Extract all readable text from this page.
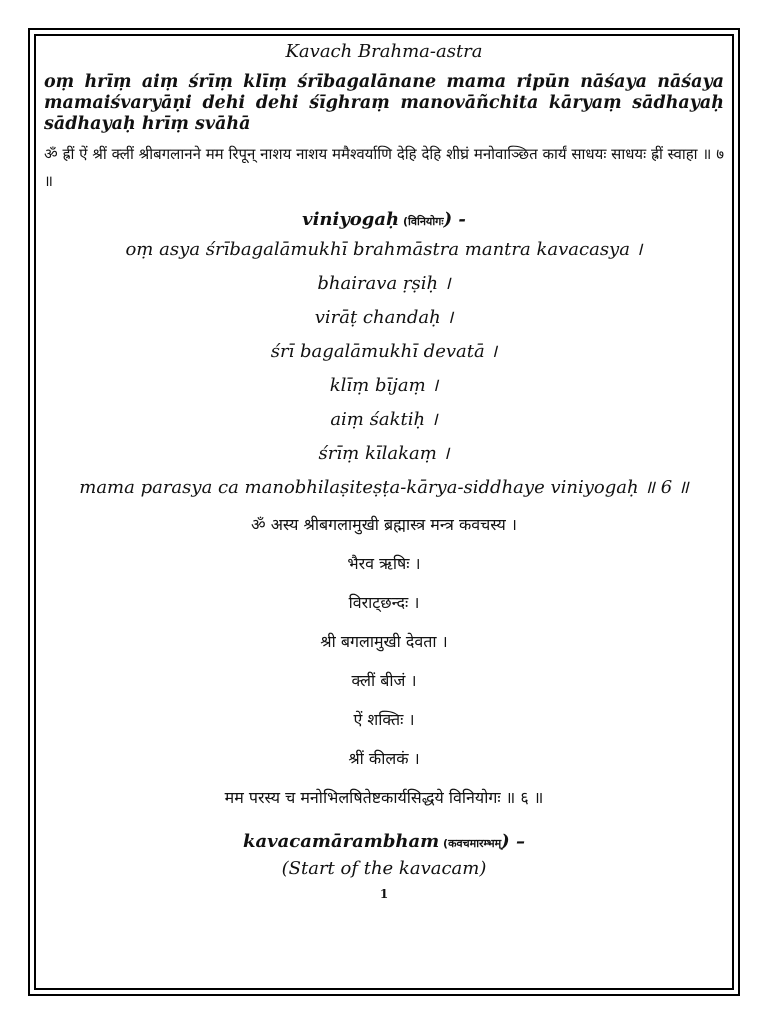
Kavach Brahma-astra
oṃ hrīṃ aiṃ śrīṃ klīṃ śrībagalānane mama ripūn nāśaya nāśaya mamaiśvaryāṇi dehi dehi śīghraṃ manovāñchita kāryaṃ sādhayaḥ sādhayaḥ hrīṃ svāhā
ॐ ह्रीं ऐं श्रीं क्लीं श्रीबगलानने मम रिपून् नाशय नाशय ममैश्वर्याणि देहि देहि शीघ्रं मनोवाञ्छित कार्यं साधयः साधयः ह्रीं स्वाहा ॥ ७ ॥
viniyogaḥ (विनियोगः) -
oṃ asya śrībagalāmukhī brahmāstra mantra kavacasya ।
bhairava ṛṣiḥ ।
virāṭ chandaḥ ।
śrī bagalāmukhī devatā ।
klīṃ bījaṃ ।
aiṃ śaktiḥ ।
śrīṃ kīlakaṃ ।
mama parasya ca manobhilaṣiteṣṭa-kārya-siddhaye viniyogaḥ ॥ 6 ॥
ॐ अस्य श्रीबगलामुखी ब्रह्मास्त्र मन्त्र कवचस्य ।
भैरव ऋषिः ।
विराट्छन्दः ।
श्री बगलामुखी देवता ।
क्लीं बीजं ।
ऐं शक्तिः ।
श्रीं कीलकं ।
मम परस्य च मनोभिलषितेष्टकार्यसिद्धये विनियोगः ॥ ६ ॥
kavacamārambham (कवचमारम्भम्) –
(Start of the kavacam)
1
